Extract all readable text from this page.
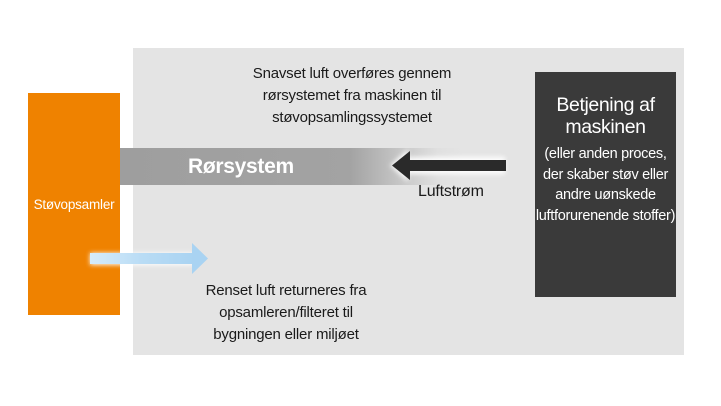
Rørsystem
Støvopsamler
Betjening af maskinen
(eller anden proces, der skaber støv eller andre uønskede luftforurenende stoffer)
Snavset luft overføres gennem rørsystemet fra maskinen til støvopsamlingssystemet
Renset luft returneres fra opsamleren/filteret til bygningen eller miljøet
Luftstrøm
